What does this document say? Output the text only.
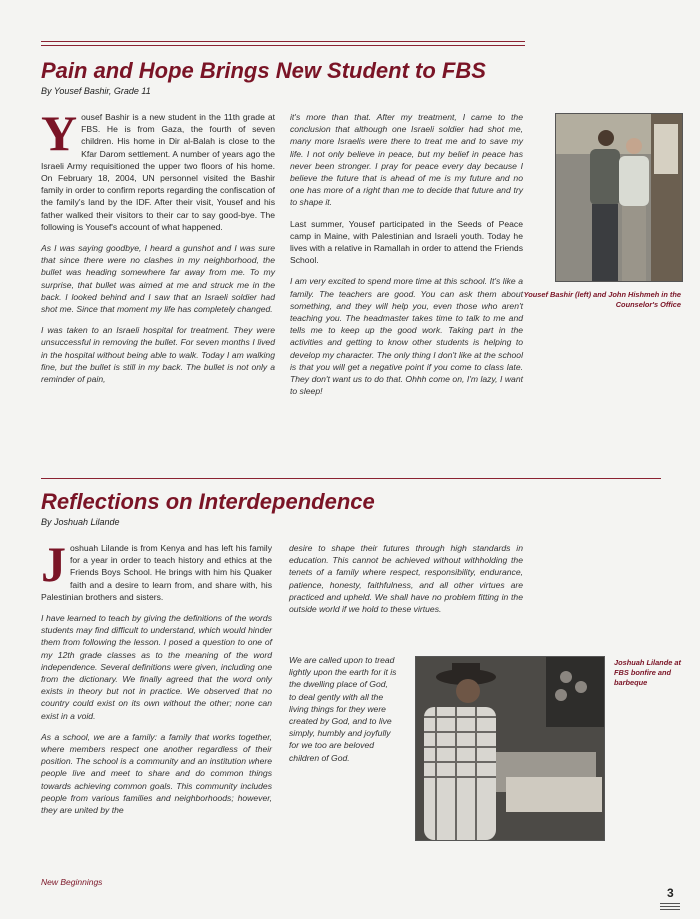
Pain and Hope Brings New Student to FBS
By Yousef Bashir, Grade 11

Yousef Bashir is a new student in the 11th grade at FBS. He is from Gaza, the fourth of seven children. His home in Dir al-Balah is close to the Kfar Darom settlement. A number of years ago the Israeli Army requisitioned the upper two floors of his home. On February 18, 2004, UN personnel visited the Bashir family in order to confirm reports regarding the confiscation of the family's land by the IDF. After their visit, Yousef and his father walked their visitors to their car to say good-bye. The following is Yousef's account of what happened.

As I was saying goodbye, I heard a gunshot and I was sure that since there were no clashes in my neighborhood, the bullet was heading somewhere far away from me. To my surprise, that bullet was aimed at me and struck me in the back. I looked behind and I saw that an Israeli soldier had shot me. Since that moment my life has completely changed.

I was taken to an Israeli hospital for treatment. They were unsuccessful in removing the bullet. For seven months I lived in the hospital without being able to walk. Today I am walking fine, but the bullet is still in my back. The bullet is not only a reminder of pain,

it's more than that. After my treatment, I came to the conclusion that although one Israeli soldier had shot me, many more Israelis were there to treat me and to save my life. I not only believe in peace, but my belief in peace has never been stronger. I pray for peace every day because I believe the future that is ahead of me is my future and no one has more of a right than me to decide that future and try to shape it.

Last summer, Yousef participated in the Seeds of Peace camp in Maine, with Palestinian and Israeli youth. Today he lives with a relative in Ramallah in order to attend the Friends School.

I am very excited to spend more time at this school. It's like a family. The teachers are good. You can ask them about something, and they will help you, even those who aren't teaching you. The headmaster takes time to talk to me and tells me to keep up the good work. Taking part in the activities and getting to know other students is helping to develop my character. The only thing I don't like at the school is that you will get a negative point if you come to class late. They don't want us to do that. Ohhh come on, I'm lazy, I want to sleep!

Yousef Bashir (left) and John Hishmeh in the Counselor's Office
Reflections on Interdependence
By Joshuah Lilande

Joshuah Lilande is from Kenya and has left his family for a year in order to teach history and ethics at the Friends Boys School. He brings with him his Quaker faith and a desire to learn from, and share with, his Palestinian brothers and sisters.

I have learned to teach by giving the definitions of the words students may find difficult to understand, which would hinder them from following the lesson. I posed a question to one of my 12th grade classes as to the meaning of the word independence. Several definitions were given, including one from the dictionary. We finally agreed that the word only exists in theory but not in practice. We observed that no country could exist on its own without the other; none can exist in a void.

As a school, we are a family: a family that works together, where members respect one another regardless of their position. The school is a community and an institution where people live and meet to share and do common things towards achieving common goals. This community includes people from various families and neighborhoods; however, they are united by the

desire to shape their futures through high standards in education. This cannot be achieved without withholding the tenets of a family where respect, responsibility, endurance, patience, honesty, faithfulness, and all other virtues are practiced and upheld. We shall have no problem fitting in the outside world if we hold to these virtues.

We are called upon to tread lightly upon the earth for it is the dwelling place of God, to deal gently with all the living things for they were created by God, and to live simply, humbly and joyfully for we too are beloved children of God.

Joshuah Lilande at FBS bonfire and barbeque
New Beginnings
3
